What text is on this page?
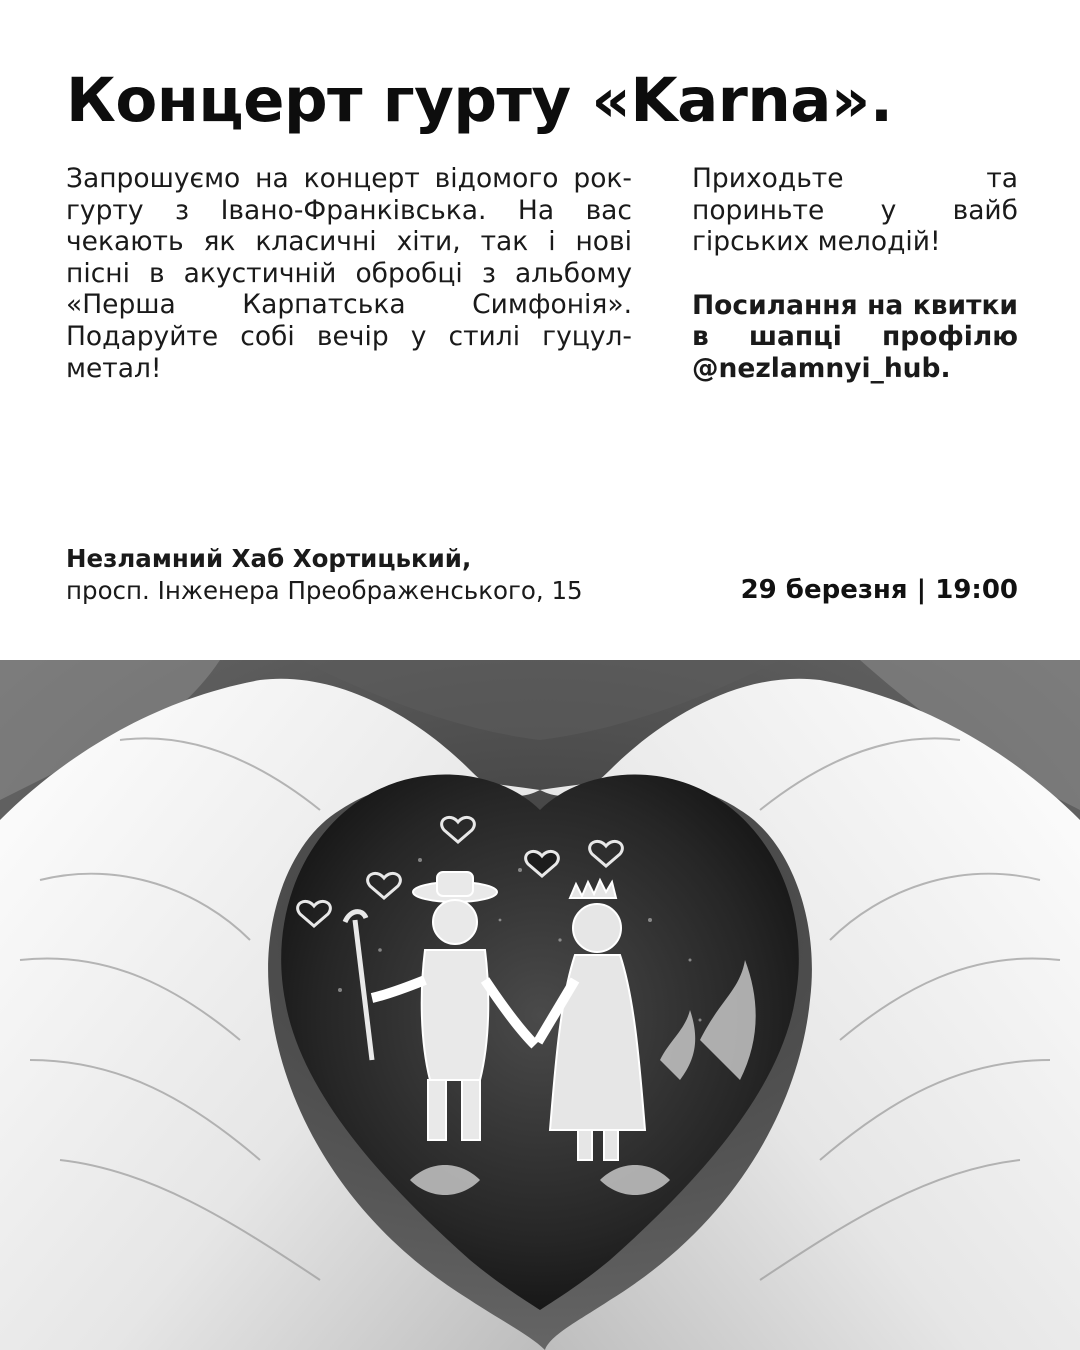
Концерт гурту «Karna».

Запрошуємо на концерт відомого рок-гурту з Івано-Франківська. На вас чекають як класичні хіти, так і нові пісні в акустичній обробці з альбому «Перша Карпатська Симфонія». Подаруйте собі вечір у стилі гуцул-метал!

Приходьте та пориньте у вайб гірських мелодій!

Посилання на квитки в шапці профілю @nezlamnyi_hub.

Незламний Хаб Хортицький,
просп. Інженера Преображенського, 15	29 березня | 19:00
